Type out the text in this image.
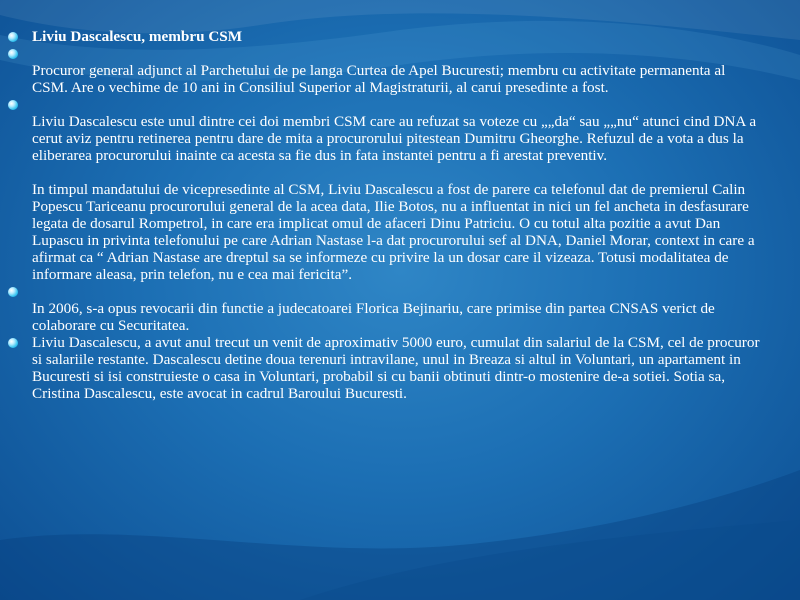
Liviu Dascalescu, membru CSM

Procuror general adjunct al Parchetului de pe langa Curtea de Apel Bucuresti; membru cu activitate permanenta al CSM. Are o vechime de 10 ani in Consiliul Superior al Magistraturii, al carui presedinte a fost.

Liviu Dascalescu este unul dintre cei doi membri CSM care au refuzat sa voteze cu „„da“ sau „„nu“ atunci cind DNA a cerut aviz pentru retinerea pentru dare de mita a procurorului pitestean Dumitru Gheorghe. Refuzul de a vota a dus la eliberarea procurorului inainte ca acesta sa fie dus in fata instantei pentru a fi arestat preventiv.

In timpul mandatului de vicepresedinte al CSM, Liviu Dascalescu a fost de parere ca telefonul dat de premierul Calin Popescu Tariceanu procurorului general de la acea data, Ilie Botos, nu a influentat in nici un fel ancheta in desfasurare legata de dosarul Rompetrol, in care era implicat omul de afaceri Dinu Patriciu. O cu totul alta pozitie a avut Dan Lupascu in privinta telefonului pe care Adrian Nastase l-a dat procurorului sef al DNA, Daniel Morar, context in care a afirmat ca “ Adrian Nastase are dreptul sa se informeze cu privire la un dosar care il vizeaza. Totusi modalitatea de informare aleasa, prin telefon, nu e cea mai fericita”.

In 2006, s-a opus revocarii din functie a judecatoarei Florica Bejinariu, care primise din partea CNSAS verict de colaborare cu Securitatea.

Liviu Dascalescu, a avut anul trecut un venit de aproximativ 5000 euro, cumulat din salariul de la CSM, cel de procuror si salariile restante. Dascalescu detine doua terenuri intravilane, unul in Breaza si altul in Voluntari, un apartament in Bucuresti si isi construieste o casa in Voluntari, probabil si cu banii obtinuti dintr-o mostenire de-a sotiei. Sotia sa, Cristina Dascalescu, este avocat in cadrul Baroului Bucuresti.
